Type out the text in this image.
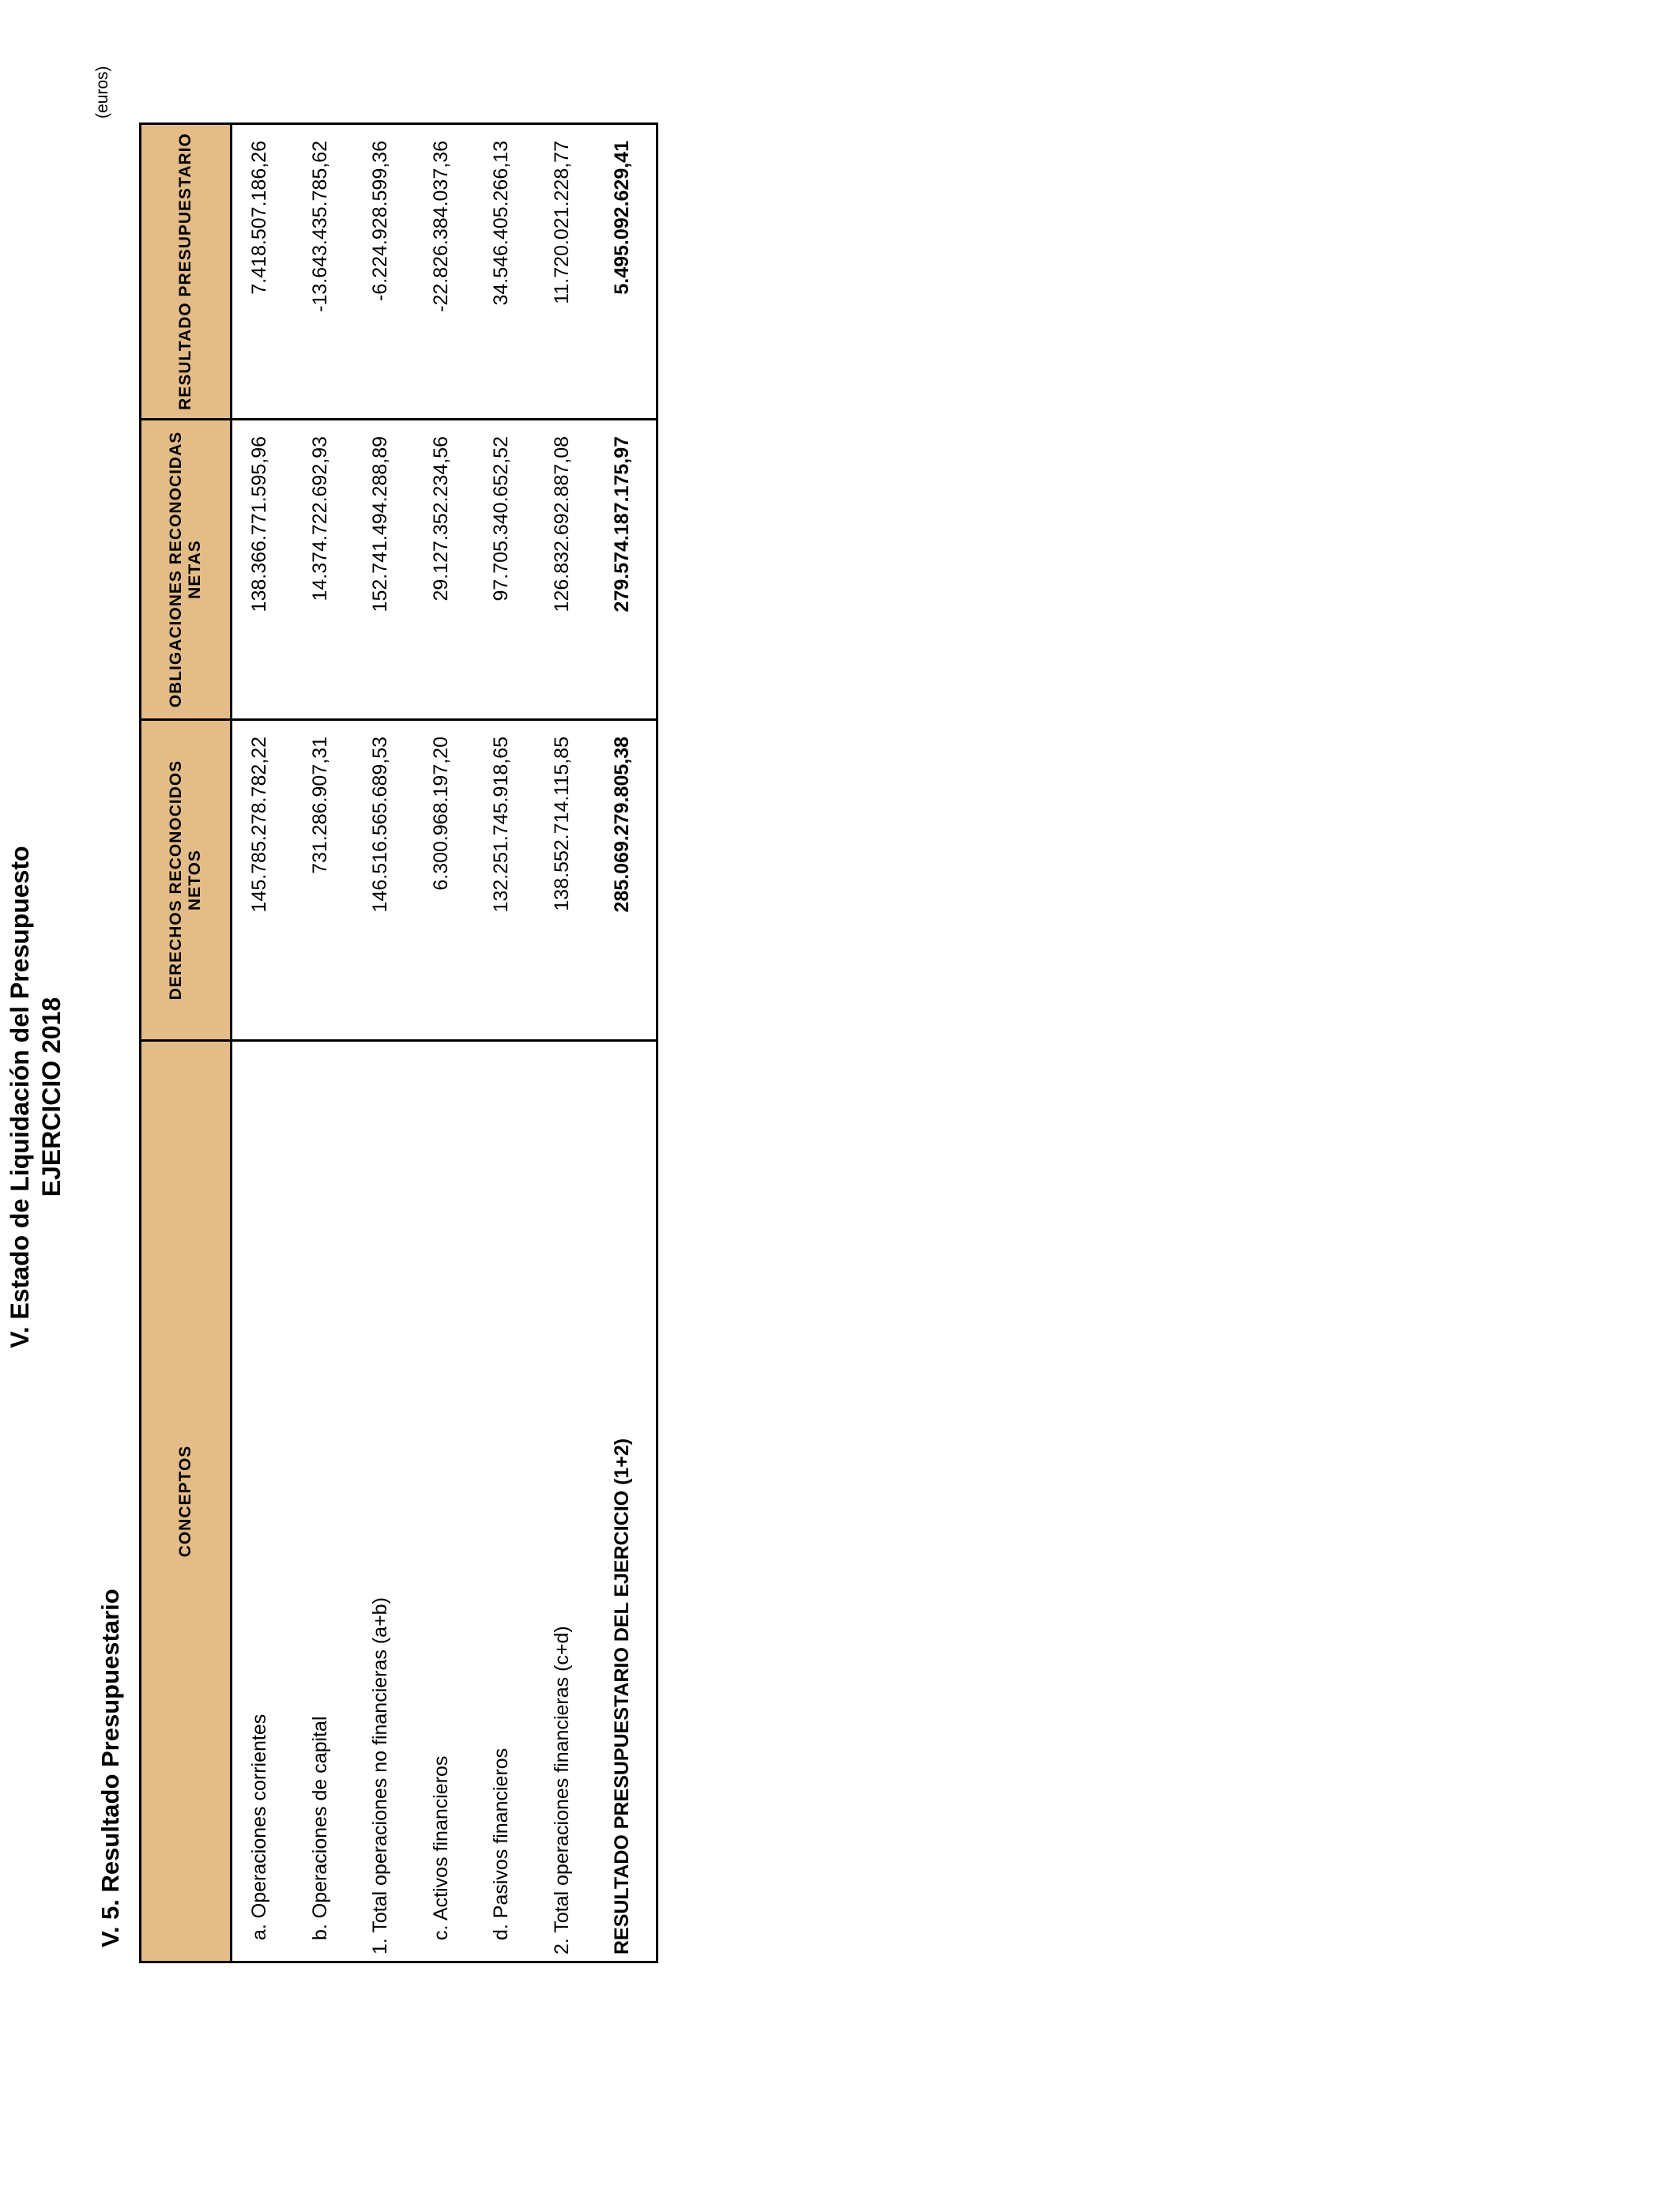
V. Estado de Liquidación del Presupuesto EJERCICIO 2018
V. 5. Resultado Presupuestario
(euros)
CONCEPTOS	DERECHOS RECONOCIDOS NETOS	OBLIGACIONES RECONOCIDAS NETAS	RESULTADO PRESUPUESTARIO

a. Operaciones corrientes	145.785.278.782,22	138.366.771.595,96	7.418.507.186,26

b. Operaciones de capital	731.286.907,31	14.374.722.692,93	-13.643.435.785,62

1. Total operaciones no financieras (a+b)	146.516.565.689,53	152.741.494.288,89	-6.224.928.599,36

c. Activos financieros	6.300.968.197,20	29.127.352.234,56	-22.826.384.037,36

d. Pasivos financieros	132.251.745.918,65	97.705.340.652,52	34.546.405.266,13

2. Total operaciones financieras (c+d)	138.552.714.115,85	126.832.692.887,08	11.720.021.228,77

RESULTADO PRESUPUESTARIO DEL EJERCICIO (1+2)	285.069.279.805,38	279.574.187.175,97	5.495.092.629,41
